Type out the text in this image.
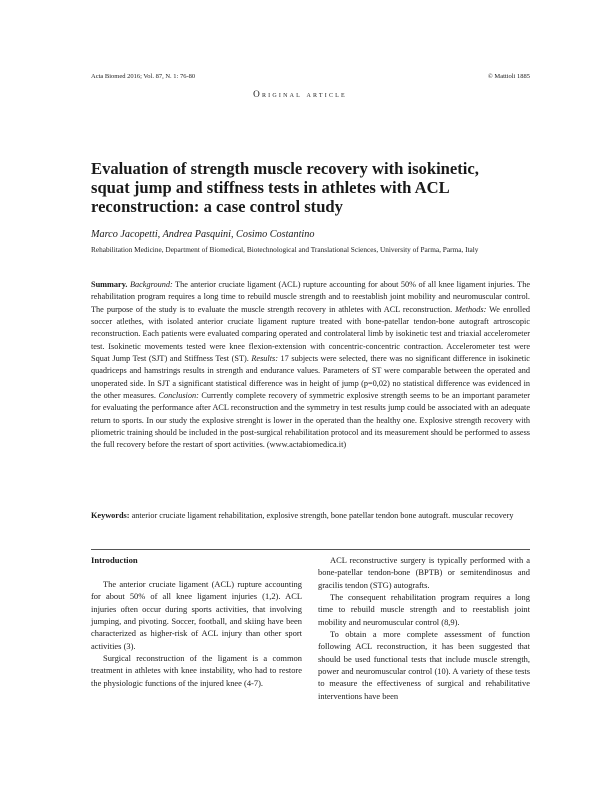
Acta Biomed 2016; Vol. 87, N. 1: 76-80	© Mattioli 1885
Original article
Evaluation of strength muscle recovery with isokinetic, squat jump and stiffness tests in athletes with ACL reconstruction: a case control study
Marco Jacopetti, Andrea Pasquini, Cosimo Costantino
Rehabilitation Medicine, Department of Biomedical, Biotechnological and Translational Sciences, University of Parma, Parma, Italy
Summary. Background: The anterior cruciate ligament (ACL) rupture accounting for about 50% of all knee ligament injuries. The rehabilitation program requires a long time to rebuild muscle strength and to reestablish joint mobility and neuromuscular control. The purpose of the study is to evaluate the muscle strength recovery in athletes with ACL reconstruction. Methods: We enrolled soccer atlethes, with isolated anterior cruciate ligament rupture treated with bone-patellar tendon-bone autograft artroscopic reconstruction. Each patients were evaluated comparing operated and controlateral limb by isokinetic test and triaxial accelerometer test. Isokinetic movements tested were knee flexion-extension with concentric-concentric contraction. Accelerometer test were Squat Jump Test (SJT) and Stiffness Test (ST). Results: 17 subjects were selected, there was no significant difference in isokinetic quadriceps and hamstrings results in strength and endurance values. Parameters of ST were comparable between the operated and unoperated side. In SJT a significant statistical difference was in height of jump (p=0,02) no statistical difference was evidenced in the other measures. Conclusion: Currently complete recovery of symmetric explosive strength seems to be an important parameter for evaluating the performance after ACL reconstruction and the symmetry in test results jump could be associated with an adequate return to sports. In our study the explosive strenght is lower in the operated than the healthy one. Explosive strength recovery with pliometric training should be included in the post-surgical rehabilitation protocol and its measurement should be performed to assess the full recovery before the restart of sport activities. (www.actabiomedica.it)
Keywords: anterior cruciate ligament rehabilitation, explosive strength, bone patellar tendon bone autograft. muscular recovery
Introduction

The anterior cruciate ligament (ACL) rupture accounting for about 50% of all knee ligament injuries (1,2). ACL injuries often occur during sports activities, that involving jumping, and pivoting. Soccer, football, and skiing have been characterized as higher-risk of ACL injury than other sport activities (3).

Surgical reconstruction of the ligament is a common treatment in athletes with knee instability, who had to restore the physiologic functions of the injured knee (4-7).

ACL reconstructive surgery is typically performed with a bone-patellar tendon-bone (BPTB) or semitendinosus and gracilis tendon (STG) autografts.

The consequent rehabilitation program requires a long time to rebuild muscle strength and to reestablish joint mobility and neuromuscular control (8,9).

To obtain a more complete assessment of function following ACL reconstruction, it has been suggested that should be used functional tests that include muscle strength, power and neuromuscular control (10). A variety of these tests to measure the effectiveness of surgical and rehabilitative interventions have been
